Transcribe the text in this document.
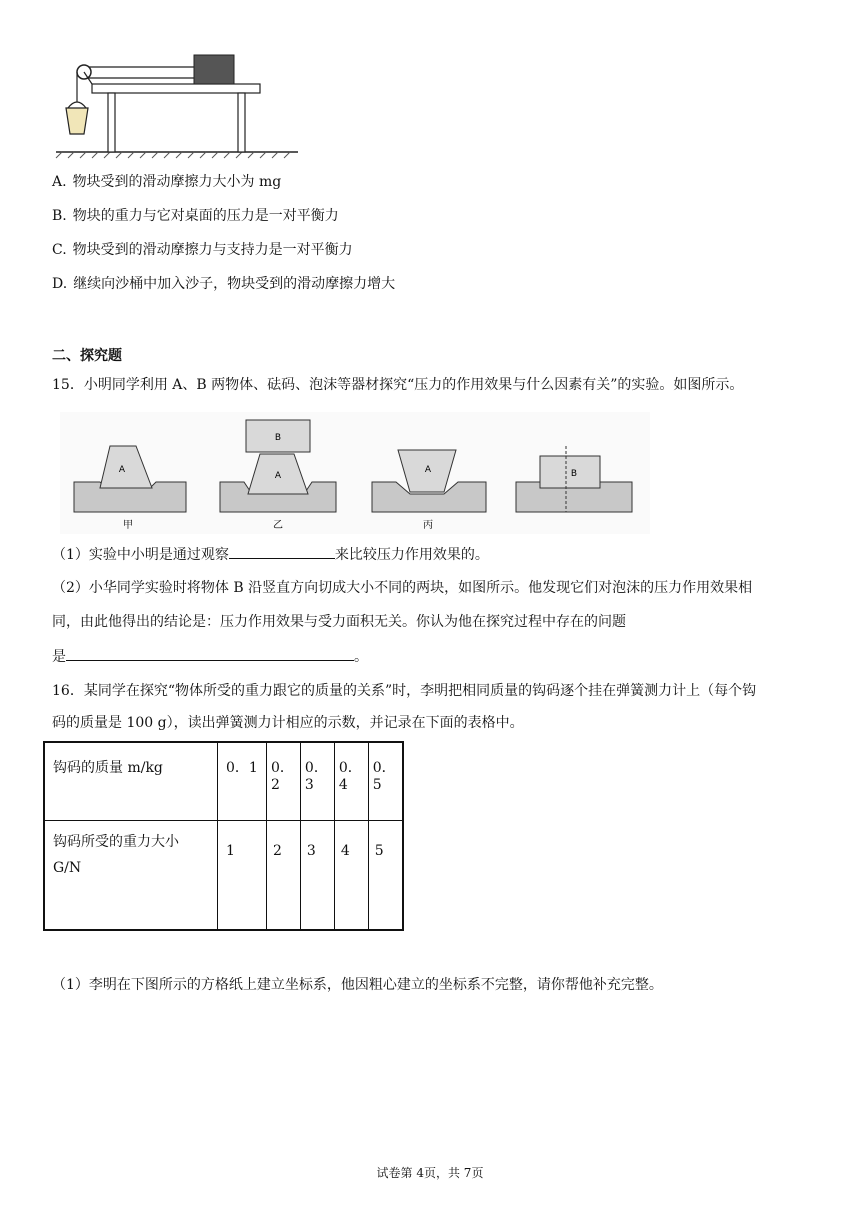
A. 物块受到的滑动摩擦力大小为 mg
B. 物块的重力与它对桌面的压力是一对平衡力
C. 物块受到的滑动摩擦力与支持力是一对平衡力
D. 继续向沙桶中加入沙子，物块受到的滑动摩擦力增大
二、探究题
15．小明同学利用 A、B 两物体、砝码、泡沫等器材探究“压力的作用效果与什么因素有关”的实验。如图所示。
A
甲
B
A
乙
A
丙
B
（1）实验中小明是通过观察	来比较压力作用效果的。
（2）小华同学实验时将物体 B 沿竖直方向切成大小不同的两块，如图所示。他发现它们对泡沫的压力作用效果相
同，由此他得出的结论是：压力作用效果与受力面积无关。你认为他在探究过程中存在的问题
是	。
16．某同学在探究“物体所受的重力跟它的质量的关系”时，李明把相同质量的钩码逐个挂在弹簧测力计上（每个钩
码的质量是 100 g），读出弹簧测力计相应的示数，并记录在下面的表格中。
钩码的质量 m/kg	0．1	0．2	0．3	0．4	0．5

钩码所受的重力大小
G/N	1	2	3	4	5
（1）李明在下图所示的方格纸上建立坐标系，他因粗心建立的坐标系不完整，请你帮他补充完整。
试卷第 4页，共 7页
